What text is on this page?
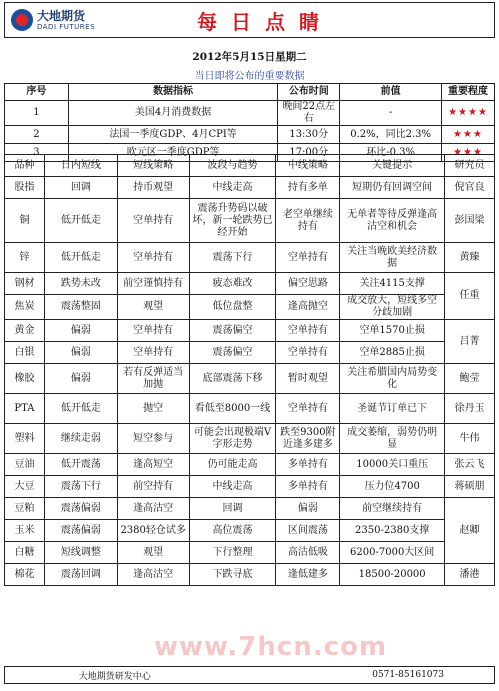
大地期货
DADI FUTURES	每日点睛
2012年5月15日星期二
当日即将公布的重要数据
序号	数据指标	公布时间	前值	重要程度
1	美国4月消费数据	晚间22点左右	-	★★★★
2	法国一季度GDP、4月CPI等	13:30分	0.2%，同比2.3%	★★★
3	欧元区一季度GDP等	17:00分	环比-0.3%	★★★
品种	日内短线	短线策略	波段与趋势	中线策略	关键提示	研究员
股指	回调	持币观望	中线走高	持有多单	短期仍有回调空间	倪官良
铜	低开低走	空单持有	震荡升势码以破坏，新一轮跌势已经开始	老空单继续持有	无单者等待反弹逢高沽空和机会	彭国梁
锌	低开低走	空单持有	震荡下行	空单持有	关注当晚欧美经济数据	黄臻
钢材	跌势未改	前空谨慎持有	疲态难改	偏空思路	关注4115支撑	任重
焦炭	震荡整固	观望	低位盘整	逢高抛空	成交放大，短线多空分歧加剧	
黄金	偏弱	空单持有	震荡偏空	空单持有	空单1570止损	吕菁
白银	偏弱	空单持有	震荡偏空	空单持有	空单2885止损	
橡胶	偏弱	若有反弹适当加抛	底部震荡下移	暂时观望	关注希腊国内局势变化	鲍莹
PTA	低开低走	抛空	看低至8000一线	空单持有	圣诞节订单已下	徐丹玉
塑料	继续走弱	短空参与	可能会出现极端V字形走势	跌至9300附近逢多建多	成交萎缩，弱势仍明显	牛伟
豆油	低开震荡	逢高短空	仍可能走高	多单持有	10000关口重压	张云飞
大豆	震荡下行	前空持有	中线走高	多单持有	压力位4700	蒋硕朋
豆粕	震荡偏弱	逢高沽空	回调	偏弱	前空继续持有	赵卿
玉米	震荡偏弱	2380轻仓试多	高位震荡	区间震荡	2350-2380支撑	
白糖	短线调整	观望	下行整理	高沽低吸	6200-7000大区间	
棉花	震荡回调	逢高沽空	下跌寻底	逢低建多	18500-20000	潘港
www.7hcn.com
大地期货研发中心	0571-85161073
